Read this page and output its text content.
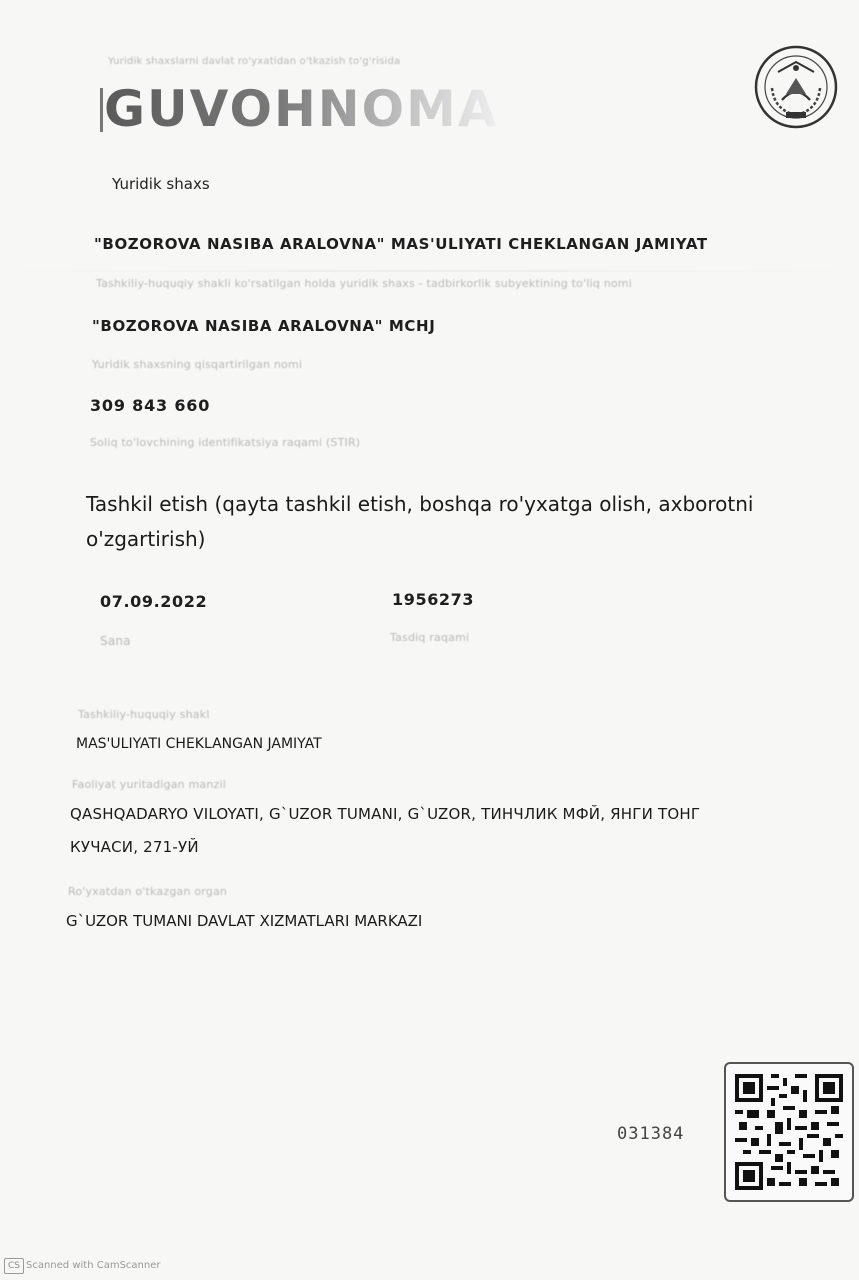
Yuridik shaxslarni davlat ro'yxatidan o'tkazish to'g'risida
GUVOHNOMA
Yuridik shaxs
"BOZOROVA NASIBA ARALOVNA" MAS'ULIYATI CHEKLANGAN JAMIYAT
Tashkiliy-huquqiy shakli ko'rsatilgan holda yuridik shaxs - tadbirkorlik subyektining to'liq nomi
"BOZOROVA NASIBA ARALOVNA" MCHJ
Yuridik shaxsning qisqartirilgan nomi
309 843 660
Soliq to'lovchining identifikatsiya raqami (STIR)
Tashkil etish (qayta tashkil etish, boshqa ro'yxatga olish, axborotni
o'zgartirish)
07.09.2022
Sana
1956273
Tasdiq raqami
Tashkiliy-huquqiy shakl
MAS'ULIYATI CHEKLANGAN JAMIYAT
Faoliyat yuritadigan manzil
QASHQADARYO VILOYATI, G`UZOR TUMANI, G`UZOR, ТИНЧЛИК МФЙ, ЯНГИ ТОНГ
КУЧАСИ, 271-УЙ
Ro'yxatdan o'tkazgan organ
G`UZOR TUMANI DAVLAT XIZMATLARI MARKAZI
031384
CS Scanned with CamScanner
